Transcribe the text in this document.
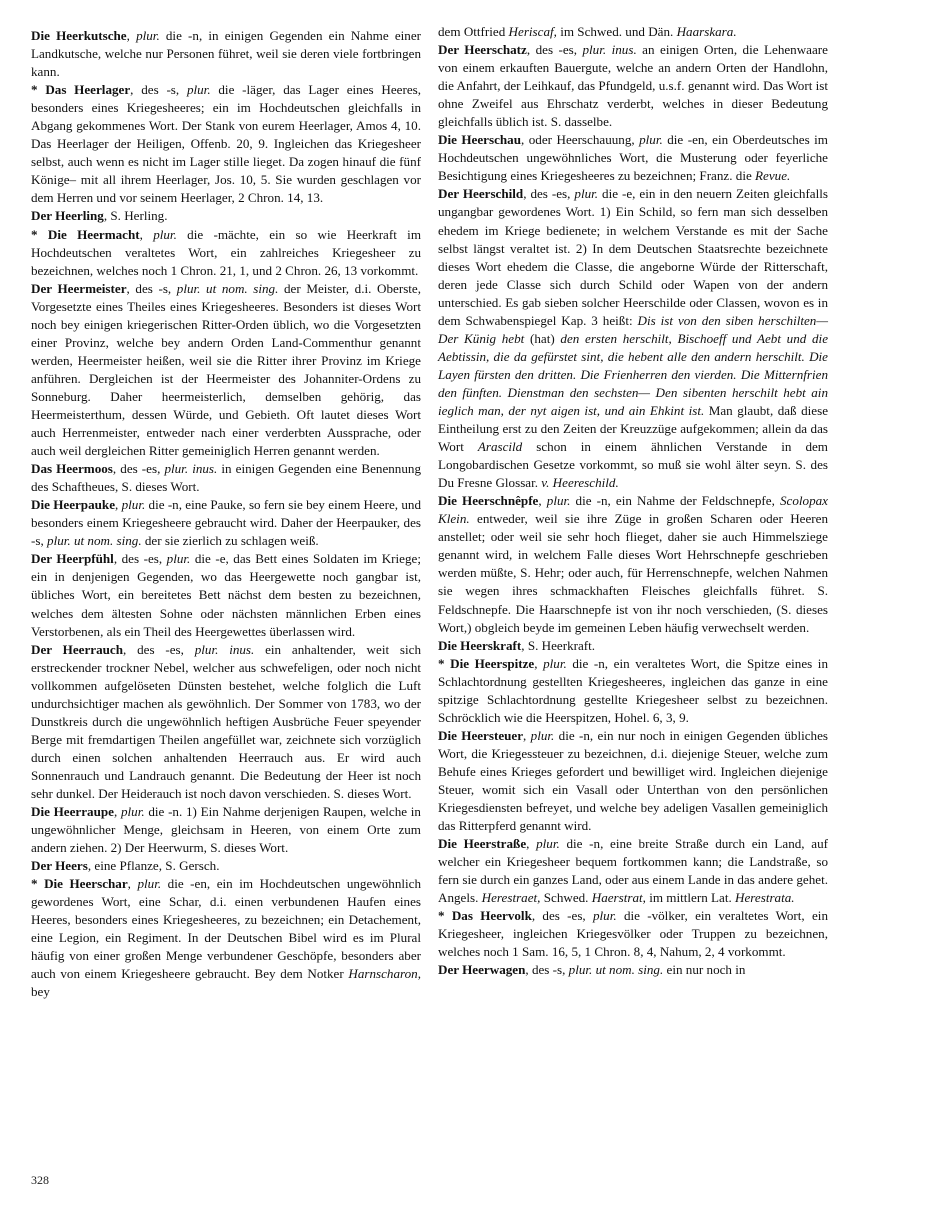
Die Heerkutsche, plur. die -n, in einigen Gegenden ein Nahme einer Landkutsche, welche nur Personen führet, weil sie deren viele fortbringen kann.

* Das Heerlager, des -s, plur. die -läger, das Lager eines Heeres, besonders eines Kriegesheeres; ein im Hochdeutschen gleichfalls in Abgang gekommenes Wort. Der Stank von eurem Heerlager, Amos 4, 10. Das Heerlager der Heiligen, Offenb. 20, 9. Ingleichen das Kriegesheer selbst, auch wenn es nicht im Lager stille lieget. Da zogen hinauf die fünf Könige– mit all ihrem Heerlager, Jos. 10, 5. Sie wurden geschlagen vor dem Herren und vor seinem Heerlager, 2 Chron. 14, 13.

Der Heerling, S. Herling.

* Die Heermacht, plur. die -mächte, ein so wie Heerkraft im Hochdeutschen veraltetes Wort, ein zahlreiches Kriegesheer zu bezeichnen, welches noch 1 Chron. 21, 1, und 2 Chron. 26, 13 vorkommt.

Der Heermeister, des -s, plur. ut nom. sing. der Meister, d.i. Oberste, Vorgesetzte eines Theiles eines Kriegesheeres. Besonders ist dieses Wort noch bey einigen kriegerischen Ritter-Orden üblich, wo die Vorgesetzten einer Provinz, welche bey andern Orden Land-Commenthur genannt werden, Heermeister heißen, weil sie die Ritter ihrer Provinz im Kriege anführen. Dergleichen ist der Heermeister des Johanniter-Ordens zu Sonneburg. Daher heermeisterlich, demselben gehörig, das Heermeisterthum, dessen Würde, und Gebieth. Oft lautet dieses Wort auch Herrenmeister, entweder nach einer verderbten Aussprache, oder auch weil dergleichen Ritter gemeiniglich Herren genannt werden.

Das Heermoos, des -es, plur. inus. in einigen Gegenden eine Benennung des Schaftheues, S. dieses Wort.

Die Heerpauke, plur. die -n, eine Pauke, so fern sie bey einem Heere, und besonders einem Kriegesheere gebraucht wird. Daher der Heerpauker, des -s, plur. ut nom. sing. der sie zierlich zu schlagen weiß.

Der Heerpfühl, des -es, plur. die -e, das Bett eines Soldaten im Kriege; ein in denjenigen Gegenden, wo das Heergewette noch gangbar ist, übliches Wort, ein bereitetes Bett nächst dem besten zu bezeichnen, welches dem ältesten Sohne oder nächsten männlichen Erben eines Verstorbenen, als ein Theil des Heergewettes überlassen wird.

Der Heerrauch, des -es, plur. inus. ein anhaltender, weit sich erstreckender trockner Nebel, welcher aus schwefeligen, oder noch nicht vollkommen aufgelöseten Dünsten bestehet, welche folglich die Luft undurchsichtiger machen als gewöhnlich. Der Sommer von 1783, wo der Dunstkreis durch die ungewöhnlich heftigen Ausbrüche Feuer speyender Berge mit fremdartigen Theilen angefüllet war, zeichnete sich vorzüglich durch einen solchen anhaltenden Heerrauch aus. Er wird auch Sonnenrauch und Landrauch genannt. Die Bedeutung der Heer ist noch sehr dunkel. Der Heiderauch ist noch davon verschieden. S. dieses Wort.

Die Heerraupe, plur. die -n. 1) Ein Nahme derjenigen Raupen, welche in ungewöhnlicher Menge, gleichsam in Heeren, von einem Orte zum andern ziehen. 2) Der Heerwurm, S. dieses Wort.

Der Heers, eine Pflanze, S. Gersch.

* Die Heerschar, plur. die -en, ein im Hochdeutschen ungewöhnlich gewordenes Wort, eine Schar, d.i. einen verbundenen Haufen eines Heeres, besonders eines Kriegesheeres, zu bezeichnen; ein Detachement, eine Legion, ein Regiment. In der Deutschen Bibel wird es im Plural häufig von einer großen Menge verbundener Geschöpfe, besonders aber auch von einem Kriegesheere gebraucht. Bey dem Notker Harnscharon, bey

dem Ottfried Heriscaf, im Schwed. und Dän. Haarskara.

Der Heerschatz, des -es, plur. inus. an einigen Orten, die Lehenwaare von einem erkauften Bauergute, welche an andern Orten der Handlohn, die Anfahrt, der Leihkauf, das Pfundgeld, u.s.f. genannt wird. Das Wort ist ohne Zweifel aus Ehrschatz verderbt, welches in dieser Bedeutung gleichfalls üblich ist. S. dasselbe.

Die Heerschau, oder Heerschauung, plur. die -en, ein Oberdeutsches im Hochdeutschen ungewöhnliches Wort, die Musterung oder feyerliche Besichtigung eines Kriegesheeres zu bezeichnen; Franz. die Revue.

Der Heerschild, des -es, plur. die -e, ein in den neuern Zeiten gleichfalls ungangbar gewordenes Wort. 1) Ein Schild, so fern man sich desselben ehedem im Kriege bedienete; in welchem Verstande es mit der Sache selbst längst veraltet ist. 2) In dem Deutschen Staatsrechte bezeichnete dieses Wort ehedem die Classe, die angeborne Würde der Ritterschaft, deren jede Classe sich durch Schild oder Wapen von der andern unterschied. Es gab sieben solcher Heerschilde oder Classen, wovon es in dem Schwabenspiegel Kap. 3 heißt: Dis ist von den siben herschilten— Der Künig hebt (hat) den ersten herschilt, Bischoeff und Aebt und die Aebtissin, die da gefürstet sint, die hebent alle den andern herschilt. Die Layen fürsten den dritten. Die Frienherren den vierden. Die Mitternfrien den fünften. Dienstman den sechsten— Den sibenten herschilt hebt ain ieglich man, der nyt aigen ist, und ain Ehkint ist. Man glaubt, daß diese Eintheilung erst zu den Zeiten der Kreuzzüge aufgekommen; allein da das Wort Arascild schon in einem ähnlichen Verstande in dem Longobardischen Gesetze vorkommt, so muß sie wohl älter seyn. S. des Du Fresne Glossar. v. Heereschild.

Die Heerschnêpfe, plur. die -n, ein Nahme der Feldschnepfe, Scolopax Klein. entweder, weil sie ihre Züge in großen Scharen oder Heeren anstellet; oder weil sie sehr hoch flieget, daher sie auch Himmelsziege genannt wird, in welchem Falle dieses Wort Hehrschnepfe geschrieben werden müßte, S. Hehr; oder auch, für Herrenschnepfe, welchen Nahmen sie wegen ihres schmackhaften Fleisches gleichfalls führet. S. Feldschnepfe. Die Haarschnepfe ist von ihr noch verschieden, (S. dieses Wort,) obgleich beyde im gemeinen Leben häufig verwechselt werden.

Die Heerskraft, S. Heerkraft.

* Die Heerspitze, plur. die -n, ein veraltetes Wort, die Spitze eines in Schlachtordnung gestellten Kriegesheeres, ingleichen das ganze in eine spitzige Schlachtordnung gestellte Kriegesheer selbst zu bezeichnen. Schröcklich wie die Heerspitzen, Hohel. 6, 3, 9.

Die Heersteuer, plur. die -n, ein nur noch in einigen Gegenden übliches Wort, die Kriegessteuer zu bezeichnen, d.i. diejenige Steuer, welche zum Behufe eines Krieges gefordert und bewilliget wird. Ingleichen diejenige Steuer, womit sich ein Vasall oder Unterthan von den persönlichen Kriegesdiensten befreyet, und welche bey adeligen Vasallen gemeiniglich das Ritterpferd genannt wird.

Die Heerstraße, plur. die -n, eine breite Straße durch ein Land, auf welcher ein Kriegesheer bequem fortkommen kann; die Landstraße, so fern sie durch ein ganzes Land, oder aus einem Lande in das andere gehet. Angels. Herestraet, Schwed. Haerstrat, im mittlern Lat. Herestrata.

* Das Heervolk, des -es, plur. die -völker, ein veraltetes Wort, ein Kriegesheer, ingleichen Kriegesvölker oder Truppen zu bezeichnen, welches noch 1 Sam. 16, 5, 1 Chron. 8, 4, Nahum, 2, 4 vorkommt.

Der Heerwagen, des -s, plur. ut nom. sing. ein nur noch in

328
